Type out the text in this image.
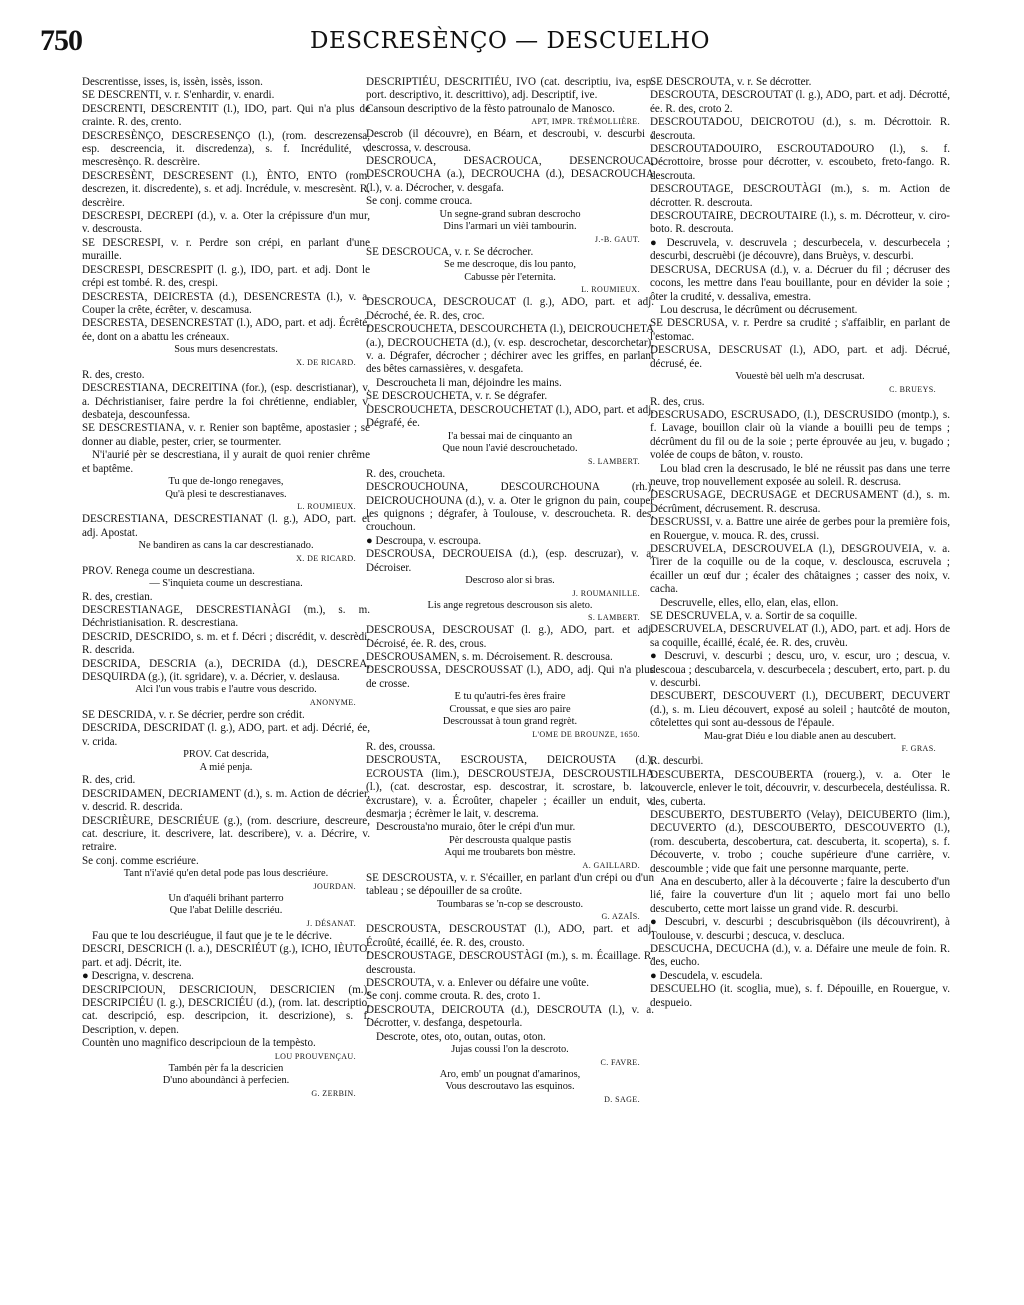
750	DESCRESÈNÇO — DESCUELHO
Descrentisse, isses, is, issèn, issès, isson.
SE DESCRENTI, v. r. S'enhardir, v. enardi.
DESCRENTI, DESCRENTIT (l.), IDO, part. Qui n'a plus de crainte. R. des, crento.
DESCRESÈNÇO, DESCRESENÇO (l.), (rom. descrezensa, esp. descreencia, it. discredenza), s. f. Incrédulité, v. mescresènço. R. descrèire.
DESCRESÈNT, DESCRESENT (l.), ÈNTO, ENTO (rom. descrezen, it. discredente), s. et adj. Incrédule, v. mescresènt. R. descrèire.
DESCRESPI, DECREPI (d.), v. a. Oter la crépissure d'un mur, v. descrousta.
SE DESCRESPI, v. r. Perdre son crépi, en parlant d'une muraille.
DESCRESPI, DESCRESPIT (l. g.), IDO, part. et adj. Dont le crépi est tombé. R. des, crespi.
DESCRESTA, DEICRESTA (d.), DESENCRESTA (l.), v. a. Couper la crête, écrêter, v. descamusa.
DESCRESTA, DESENCRESTAT (l.), ADO, part. et adj. Écrêté, ée, dont on a abattu les créneaux.
Sous murs desencrestats.
X. DE RICARD.
R. des, cresto.
DESCRESTIANA, DECREITINA (for.), (esp. descristianar), v. a. Déchristianiser, faire perdre la foi chrétienne, endiabler, v. desbateja, descounfessa.
SE DESCRESTIANA, v. r. Renier son baptême, apostasier ; se donner au diable, pester, crier, se tourmenter.
N'i'aurié pèr se descrestiana, il y aurait de quoi renier chrême et baptême.
Tu que de-longo renegaves,
Qu'à plesi te descrestianaves.
L. ROUMIEUX.
DESCRESTIANA, DESCRESTIANAT (l. g.), ADO, part. et adj. Apostat.
Ne bandiren as cans la car descrestianado.
X. DE RICARD.
PROV. Renega coume un descrestiana.
— S'inquieta coume un descrestiana.
R. des, crestian.
DESCRESTIANAGE, DESCRESTIANÀGI (m.), s. m. Déchristianisation. R. descrestiana.
DESCRID, DESCRIDO, s. m. et f. Décri ; discrédit, v. descrèdi. R. descrida.
DESCRIDA, DESCRIA (a.), DECRIDA (d.), DESCREA, DESQUIRDA (g.), (it. sgridare), v. a. Décrier, v. deslausa.
Alcì l'un vous trabis e l'autre vous descrido.
ANONYME.
SE DESCRIDA, v. r. Se décrier, perdre son crédit.
DESCRIDA, DESCRIDAT (l. g.), ADO, part. et adj. Décrié, ée, v. crida.
PROV. Cat descrida,
A mié penja.
R. des, crid.
DESCRIDAMEN, DECRIAMENT (d.), s. m. Action de décrier, v. descrid. R. descrida.
DESCRIÈURE, DESCRIÉUE (g.), (rom. descriure, descreure, cat. descriure, it. descrivere, lat. describere), v. a. Décrire, v. retraire.
Se conj. comme escriéure.
Tant n'i'avié qu'en detal pode pas lous descriéure.
JOURDAN.
Un d'aquéli brihant parterro
Que l'abat Delille descriéu.
J. DÉSANAT.
Fau que te lou descriéugue, il faut que je te le décrive.
DESCRI, DESCRICH (l. a.), DESCRIÉUT (g.), ICHO, IÈUTO, part. et adj. Décrit, ite.
● Descrigna, v. descrena.
DESCRIPCIOUN, DESCRICIOUN, DESCRICIEN (m.), DESCRIPCIÉU (l. g.), DESCRICIÉU (d.), (rom. lat. descriptio, cat. descripció, esp. descripcion, it. descrizione), s. f. Description, v. depen.
Countèn uno magnifico descripcioun de la tempèsto.
LOU PROUVENÇAU.
Tambén pèr fa la descricien
D'uno aboundànci à perfecien.
G. ZERBIN.
DESCRIPTIÉU, DESCRITIÉU, IVO (cat. descriptiu, iva, esp. port. descriptivo, it. descrittivo), adj. Descriptif, ive.
Cansoun descriptivo de la fèsto patrounalo de Manosco.
APT, IMPR. TRÉMOLLIÈRE.
Descrob (il découvre), en Béarn, et descroubi, v. descurbi ; descrossa, v. descrousa.
DESCROUCA, DESACROUCA, DESENCROUCA, DESCROUCHA (a.), DECROUCHA (d.), DESACROUCHA (l.), v. a. Décrocher, v. desgafa.
Se conj. comme crouca.
Un segne-grand subran descrocho
Dins l'armari un vièi tambourin.
J.-B. GAUT.
SE DESCROUCA, v. r. Se décrocher.
Se me descroque, dis lou panto,
Cabusse pèr l'eternita.
L. ROUMIEUX.
DESCROUCA, DESCROUCAT (l. g.), ADO, part. et adj. Décroché, ée. R. des, croc.
DESCROUCHETA, DESCOURCHETA (l.), DEICROUCHETA (a.), DECROUCHETA (d.), (v. esp. descrochetar, descorchetar), v. a. Dégrafer, décrocher ; déchirer avec les griffes, en parlant des bêtes carnassières, v. desgafeta.
Descroucheta li man, déjoindre les mains.
SE DESCROUCHETA, v. r. Se dégrafer.
DESCROUCHETA, DESCROUCHETAT (l.), ADO, part. et adj. Dégrafé, ée.
I'a bessai mai de cinquanto an
Que noun l'avié descrouchetado.
S. LAMBERT.
R. des, croucheta.
DESCROUCHOUNA, DESCOURCHOUNA (rh.), DEICROUCHOUNA (d.), v. a. Oter le grignon du pain, couper les quignons ; dégrafer, à Toulouse, v. descroucheta. R. des, crouchoun.
● Descroupa, v. escroupa.
DESCROUSA, DECROUEISA (d.), (esp. descruzar), v. a. Décroiser.
Descroso alor si bras.
J. ROUMANILLE.
Lis ange regretous descrouson sis aleto.
S. LAMBERT.
DESCROUSA, DESCROUSAT (l. g.), ADO, part. et adj. Décroisé, ée. R. des, crous.
DESCROUSAMEN, s. m. Décroisement. R. descrousa.
DESCROUSSA, DESCROUSSAT (l.), ADO, adj. Qui n'a plus de crosse.
E tu qu'autri-fes ères fraire
Croussat, e que sies aro paire
Descroussat à toun grand regrèt.
L'OME DE BROUNZE, 1650.
R. des, croussa.
DESCROUSTA, ESCROUSTA, DEICROUSTA (d.), ECROUSTA (lim.), DESCROUSTEJA, DESCROUSTILHA (l.), (cat. descrostar, esp. descostrar, it. scrostare, b. lat. excrustare), v. a. Écroûter, chapeler ; écailler un enduit, v. desmarja ; écrèmer le lait, v. descrema.
Descrousta'no muraio, ôter le crépi d'un mur.
Pèr descrousta qualque pastis
Aqui me troubarets bon mèstre.
A. GAILLARD.
SE DESCROUSTA, v. r. S'écailler, en parlant d'un crépi ou d'un tableau ; se dépouiller de sa croûte.
Toumbaras se 'n-cop se descrousto.
G. AZAÏS.
DESCROUSTA, DESCROUSTAT (l.), ADO, part. et adj. Écroûté, écaillé, ée. R. des, crousto.
DESCROUSTAGE, DESCROUSTÀGI (m.), s. m. Écaillage. R. descrousta.
DESCROUTA, v. a. Enlever ou défaire une voûte.
Se conj. comme crouta. R. des, croto 1.
DESCROUTA, DEICROUTA (d.), DESCROUTA (l.), v. a. Décrotter, v. desfanga, despetourla.
Descrote, otes, oto, outan, outas, oton.
Jujas coussi l'on la descroto.
C. FAVRE.
Aro, emb' un pougnat d'amarinos,
Vous descroutavo las esquinos.
D. SAGE.
SE DESCROUTA, v. r. Se décrotter.
DESCROUTA, DESCROUTAT (l. g.), ADO, part. et adj. Décrotté, ée. R. des, croto 2.
DESCROUTADOU, DEICROTOU (d.), s. m. Décrottoir. R. descrouta.
DESCROUTADOUIRO, ESCROUTADOURO (l.), s. f. Décrottoire, brosse pour décrotter, v. escoubeto, freto-fango. R. descrouta.
DESCROUTAGE, DESCROUTÀGI (m.), s. m. Action de décrotter. R. descrouta.
DESCROUTAIRE, DECROUTAIRE (l.), s. m. Décrotteur, v. ciro-boto. R. descrouta.
● Descruvela, v. descruvela ; descurbecela, v. descurbecela ; descurbi, descruèbi (je découvre), dans Bruèys, v. descurbi.
DESCRUSA, DECRUSA (d.), v. a. Décruer du fil ; décruser des cocons, les mettre dans l'eau bouillante, pour en dévider la soie ; ôter la crudité, v. dessaliva, emestra.
Lou descrusa, le décrûment ou décrusement.
SE DESCRUSA, v. r. Perdre sa crudité ; s'affaiblir, en parlant de l'estomac.
DESCRUSA, DESCRUSAT (l.), ADO, part. et adj. Décrué, décrusé, ée.
Vouestè bèl uelh m'a descrusat.
C. BRUEYS.
R. des, crus.
DESCRUSADO, ESCRUSADO, (l.), DESCRUSIDO (montp.), s. f. Lavage, bouillon clair où la viande a bouilli peu de temps ; décrûment du fil ou de la soie ; perte éprouvée au jeu, v. bugado ; volée de coups de bâton, v. rousto.
Lou blad cren la descrusado, le blé ne réussit pas dans une terre neuve, trop nouvellement exposée au soleil. R. descrusa.
DESCRUSAGE, DECRUSAGE et DECRUSAMENT (d.), s. m. Décrûment, décrusement. R. descrusa.
DESCRUSSI, v. a. Battre une airée de gerbes pour la première fois, en Rouergue, v. mouca. R. des, crussi.
DESCRUVELA, DESCROUVELA (l.), DESGROUVEIA, v. a. Tirer de la coquille ou de la coque, v. desclousca, escruvela ; écailler un œuf dur ; écaler des châtaignes ; casser des noix, v. cacha.
Descruvelle, elles, ello, elan, elas, ellon.
SE DESCRUVELA, v. a. Sortir de sa coquille.
DESCRUVELA, DESCRUVELAT (l.), ADO, part. et adj. Hors de sa coquille, écaillé, écalé, ée. R. des, cruvèu.
● Descruvi, v. descurbi ; descu, uro, v. escur, uro ; descua, v. descoua ; descubarcela, v. descurbecela ; descubert, erto, part. p. du v. descurbi.
DESCUBERT, DESCOUVERT (l.), DECUBERT, DECUVERT (d.), s. m. Lieu découvert, exposé au soleil ; hautcôté de mouton, côtelettes qui sont au-dessous de l'épaule.
Mau-grat Diéu e lou diable anen au descubert.
F. GRAS.
R. descurbi.
DESCUBERTA, DESCOUBERTA (rouerg.), v. a. Oter le couvercle, enlever le toit, découvrir, v. descurbecela, destéulissa. R. des, cuberta.
DESCUBERTO, DESTUBERTO (Velay), DEICUBERTO (lim.), DECUVERTO (d.), DESCOUBERTO, DESCOUVERTO (l.), (rom. descuberta, descobertura, cat. descuberta, it. scoperta), s. f. Découverte, v. trobo ; couche supérieure d'une carrière, v. descoumble ; vide que fait une personne marquante, perte.
Ana en descuberto, aller à la découverte ; faire la descuberto d'un lié, faire la couverture d'un lit ; aquelo mort fai uno bello descuberto, cette mort laisse un grand vide. R. descurbi.
● Descubri, v. descurbi ; descubrisquèbon (ils découvrirent), à Toulouse, v. descurbi ; descuca, v. descluca.
DESCUCHA, DECUCHA (d.), v. a. Défaire une meule de foin. R. des, eucho.
● Descudela, v. escudela.
DESCUELHO (it. scoglia, mue), s. f. Dépouille, en Rouergue, v. despueio.
